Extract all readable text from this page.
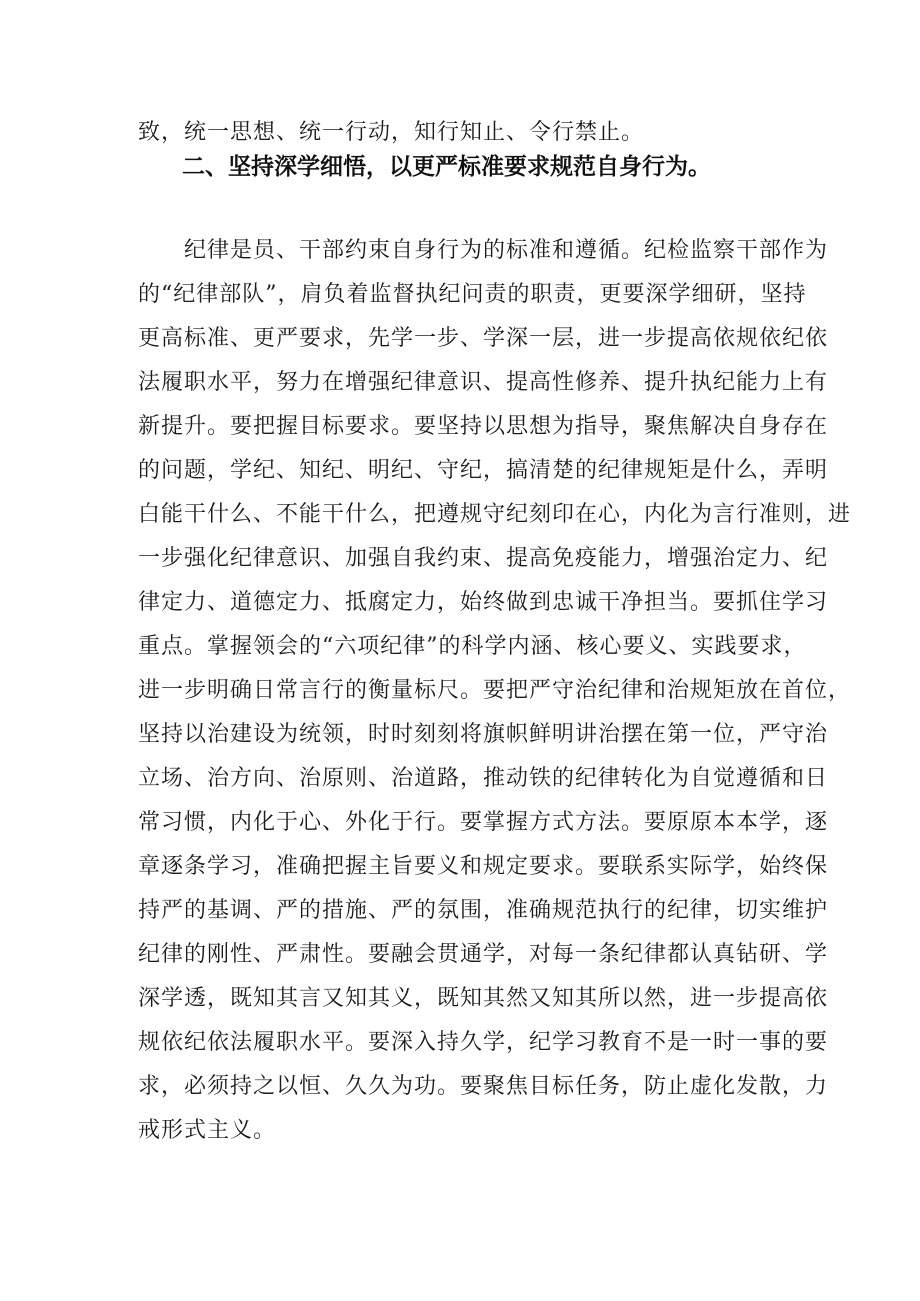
致，统一思想、统一行动，知行知止、令行禁止。
二、坚持深学细悟，以更严标准要求规范自身行为。
纪律是员、干部约束自身行为的标准和遵循。纪检监察干部作为
的“纪律部队”，肩负着监督执纪问责的职责，更要深学细研，坚持
更高标准、更严要求，先学一步、学深一层，进一步提高依规依纪依
法履职水平，努力在增强纪律意识、提高性修养、提升执纪能力上有
新提升。要把握目标要求。要坚持以思想为指导，聚焦解决自身存在
的问题，学纪、知纪、明纪、守纪，搞清楚的纪律规矩是什么，弄明
白能干什么、不能干什么，把遵规守纪刻印在心，内化为言行准则，进
一步强化纪律意识、加强自我约束、提高免疫能力，增强治定力、纪
律定力、道德定力、抵腐定力，始终做到忠诚干净担当。要抓住学习
重点。掌握领会的“六项纪律”的科学内涵、核心要义、实践要求，
进一步明确日常言行的衡量标尺。要把严守治纪律和治规矩放在首位，
坚持以治建设为统领，时时刻刻将旗帜鲜明讲治摆在第一位，严守治
立场、治方向、治原则、治道路，推动铁的纪律转化为自觉遵循和日
常习惯，内化于心、外化于行。要掌握方式方法。要原原本本学，逐
章逐条学习，准确把握主旨要义和规定要求。要联系实际学，始终保
持严的基调、严的措施、严的氛围，准确规范执行的纪律，切实维护
纪律的刚性、严肃性。要融会贯通学，对每一条纪律都认真钻研、学
深学透，既知其言又知其义，既知其然又知其所以然，进一步提高依
规依纪依法履职水平。要深入持久学，纪学习教育不是一时一事的要
求，必须持之以恒、久久为功。要聚焦目标任务，防止虚化发散，力
戒形式主义。
